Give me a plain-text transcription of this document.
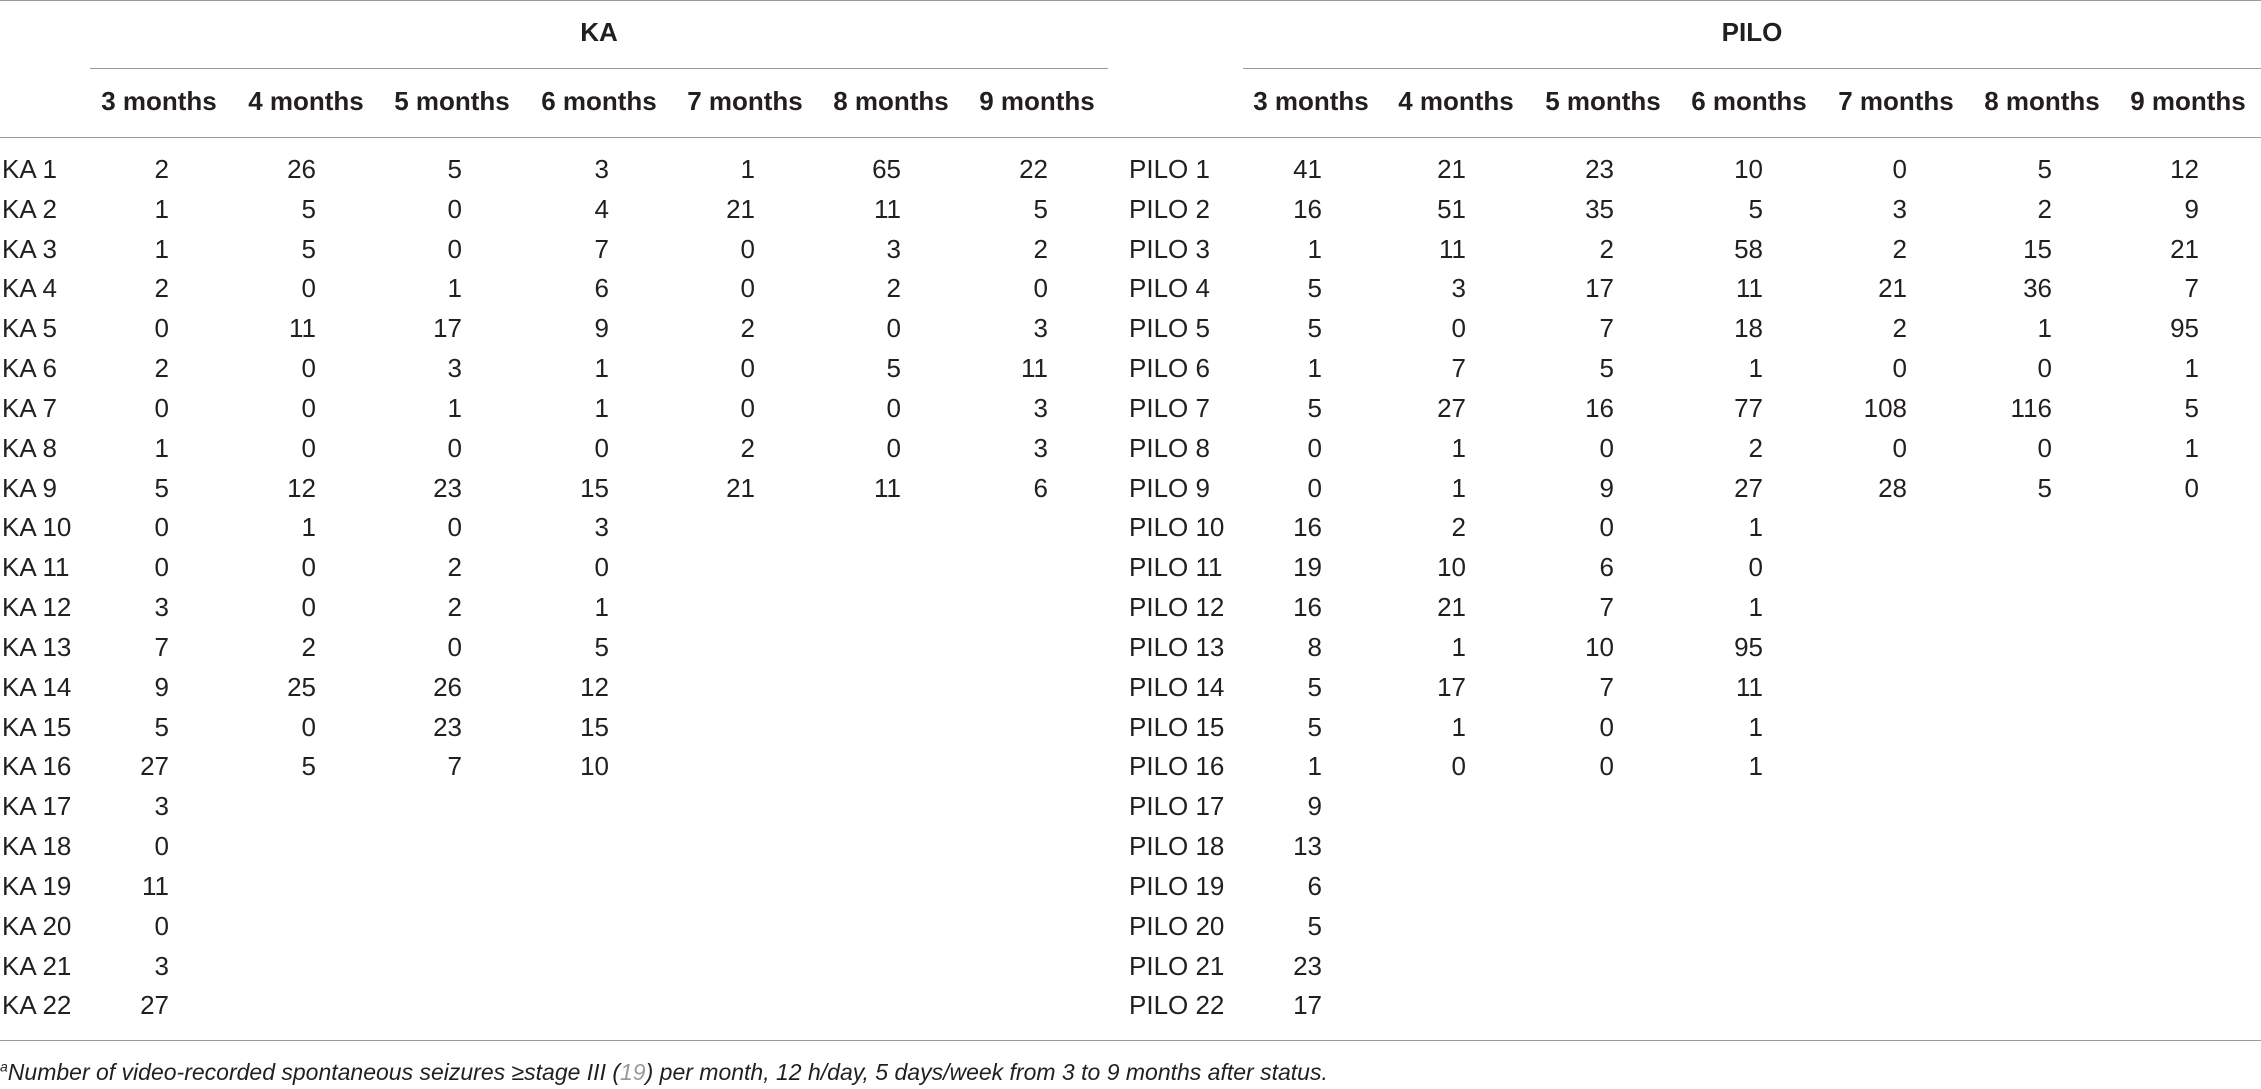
KA
3 months	4 months	5 months	6 months	7 months	8 months	9 months
KA 1	2	26	5	3	1	65	22
KA 2	1	5	0	4	21	11	5
KA 3	1	5	0	7	0	3	2
KA 4	2	0	1	6	0	2	0
KA 5	0	11	17	9	2	0	3
KA 6	2	0	3	1	0	5	11
KA 7	0	0	1	1	0	0	3
KA 8	1	0	0	0	2	0	3
KA 9	5	12	23	15	21	11	6
KA 10	0	1	0	3
KA 11	0	0	2	0
KA 12	3	0	2	1
KA 13	7	2	0	5
KA 14	9	25	26	12
KA 15	5	0	23	15
KA 16	27	5	7	10
KA 17	3
KA 18	0
KA 19	11
KA 20	0
KA 21	3
KA 22	27
PILO
3 months	4 months	5 months	6 months	7 months	8 months	9 months
PILO 1	41	21	23	10	0	5	12
PILO 2	16	51	35	5	3	2	9
PILO 3	1	11	2	58	2	15	21
PILO 4	5	3	17	11	21	36	7
PILO 5	5	0	7	18	2	1	95
PILO 6	1	7	5	1	0	0	1
PILO 7	5	27	16	77	108	116	5
PILO 8	0	1	0	2	0	0	1
PILO 9	0	1	9	27	28	5	0
PILO 10	16	2	0	1
PILO 11	19	10	6	0
PILO 12	16	21	7	1
PILO 13	8	1	10	95
PILO 14	5	17	7	11
PILO 15	5	1	0	1
PILO 16	1	0	0	1
PILO 17	9
PILO 18	13
PILO 19	6
PILO 20	5
PILO 21	23
PILO 22	17
$^a$Number of video-recorded spontaneous seizures ≥stage III (19) per month, 12 h/day, 5 days/week from 3 to 9 months after status.
